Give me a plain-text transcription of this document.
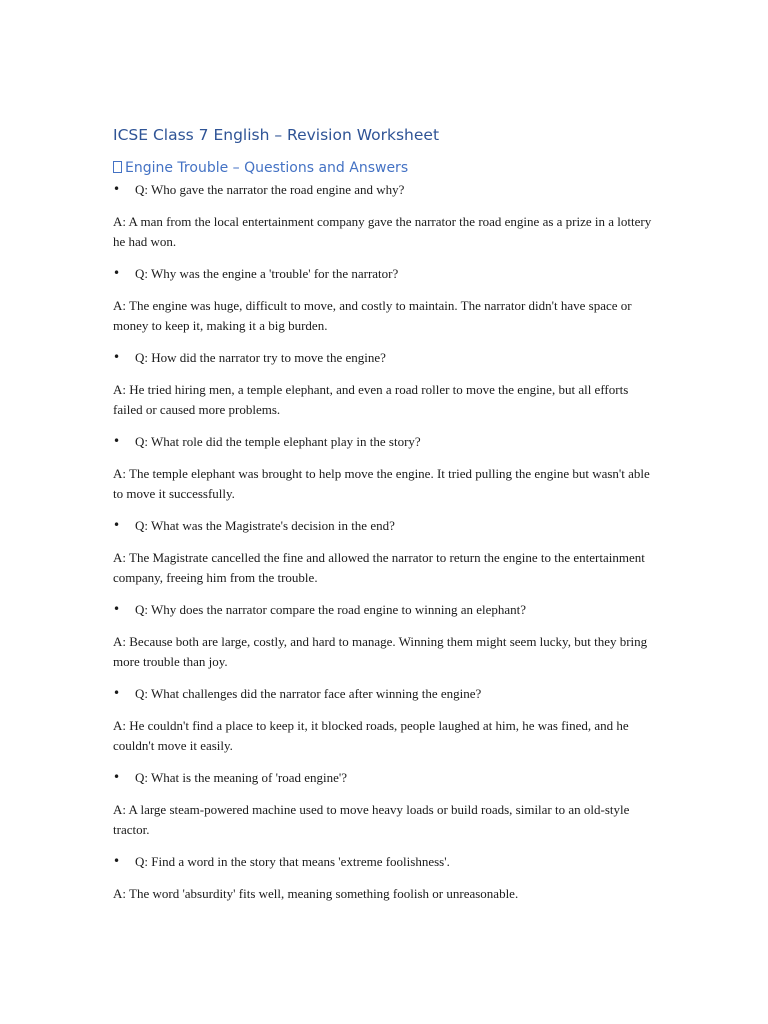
ICSE Class 7 English – Revision Worksheet
Engine Trouble – Questions and Answers

• Q: Who gave the narrator the road engine and why?

A: A man from the local entertainment company gave the narrator the road engine as a prize in a lottery he had won.

• Q: Why was the engine a 'trouble' for the narrator?

A: The engine was huge, difficult to move, and costly to maintain. The narrator didn't have space or money to keep it, making it a big burden.

• Q: How did the narrator try to move the engine?

A: He tried hiring men, a temple elephant, and even a road roller to move the engine, but all efforts failed or caused more problems.

• Q: What role did the temple elephant play in the story?

A: The temple elephant was brought to help move the engine. It tried pulling the engine but wasn't able to move it successfully.

• Q: What was the Magistrate's decision in the end?

A: The Magistrate cancelled the fine and allowed the narrator to return the engine to the entertainment company, freeing him from the trouble.

• Q: Why does the narrator compare the road engine to winning an elephant?

A: Because both are large, costly, and hard to manage. Winning them might seem lucky, but they bring more trouble than joy.

• Q: What challenges did the narrator face after winning the engine?

A: He couldn't find a place to keep it, it blocked roads, people laughed at him, he was fined, and he couldn't move it easily.

• Q: What is the meaning of 'road engine'?

A: A large steam-powered machine used to move heavy loads or build roads, similar to an old-style tractor.

• Q: Find a word in the story that means 'extreme foolishness'.

A: The word 'absurdity' fits well, meaning something foolish or unreasonable.
